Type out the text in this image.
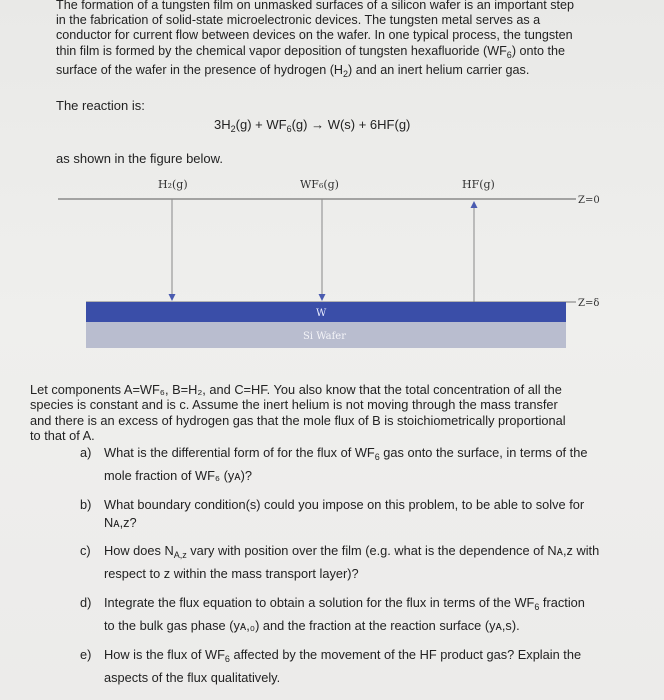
The formation of a tungsten film on unmasked surfaces of a silicon wafer is an important step
in the fabrication of solid-state microelectronic devices. The tungsten metal serves as a
conductor for current flow between devices on the wafer. In one typical process, the tungsten
thin film is formed by the chemical vapor deposition of tungsten hexafluoride $(WF_6)$ onto the
surface of the wafer in the presence of hydrogen $(H_2)$ and an inert helium carrier gas.
The reaction is:
$3H_2(g) + WF_6(g) \to W(s) + 6HF(g)$
as shown in the figure below.
H₂(g)	WF₆(g)	HF(g)
Z=0
Z=δ
W
Si Wafer
Let components A=WF₆, B=H₂, and C=HF. You also know that the total concentration of all the
species is constant and is c. Assume the inert helium is not moving through the mass transfer
and there is an excess of hydrogen gas that the mole flux of B is stoichiometrically proportional
to that of A.
a) What is the differential form of for the flux of $WF_6$ gas onto the surface, in terms of the
mole fraction of WF₆ (yᴀ)?
b) What boundary condition(s) could you impose on this problem, to be able to solve for
Nᴀ,z?
c) How does $N_{A,z}$ vary with position over the film (e.g. what is the dependence of Nᴀ,z with
respect to z within the mass transport layer)?
d) Integrate the flux equation to obtain a solution for the flux in terms of the $WF_6$ fraction
to the bulk gas phase (yᴀ,₀) and the fraction at the reaction surface (yᴀ,s).
e) How is the flux of $WF_6$ affected by the movement of the HF product gas? Explain the
aspects of the flux qualitatively.
